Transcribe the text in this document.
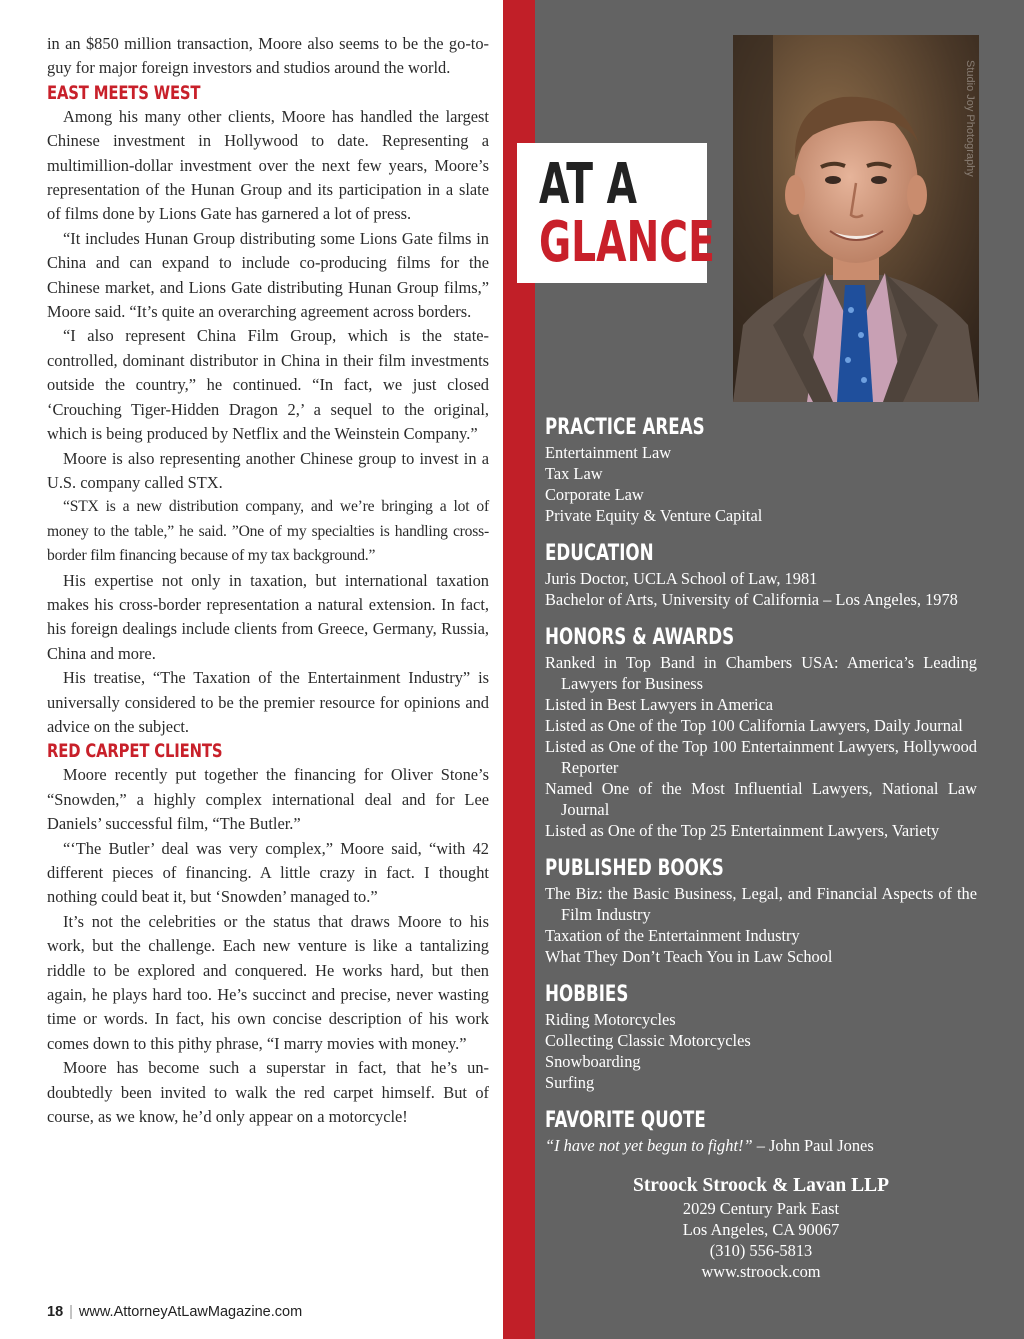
in an $850 million transaction, Moore also seems to be the go-to-guy for major foreign investors and studios around the world.

EAST MEETS WEST

Among his many other clients, Moore has handled the largest Chinese investment in Hollywood to date. Representing a multimillion-dollar investment over the next few years, Moore’s representation of the Hunan Group and its participation in a slate of films done by Lions Gate has garnered a lot of press.

“It includes Hunan Group distributing some Lions Gate films in China and can expand to include co-producing films for the Chinese market, and Lions Gate distributing Hunan Group films,” Moore said. “It’s quite an overarching agreement across borders.

“I also represent China Film Group, which is the state-controlled, dominant distributor in China in their film investments outside the country,” he continued. “In fact, we just closed ‘Crouching Tiger-Hidden Dragon 2,’ a sequel to the original, which is being produced by Netflix and the Weinstein Company.”

Moore is also representing another Chinese group to invest in a U.S. company called STX.

“STX is a new distribution company, and we’re bringing a lot of money to the table,” he said. ”One of my specialties is handling cross-border film financing because of my tax background.”

His expertise not only in taxation, but international taxation makes his cross-border representation a natural extension. In fact, his foreign dealings include clients from Greece, Germany, Russia, China and more.

His treatise, “The Taxation of the Entertainment Industry” is universally considered to be the premier resource for opinions and advice on the subject.

RED CARPET CLIENTS

Moore recently put together the financing for Oliver Stone’s “Snowden,” a highly complex international deal and for Lee Daniels’ successful film, “The Butler.”

“‘The Butler’ deal was very complex,” Moore said, “with 42 different pieces of financing. A little crazy in fact. I thought nothing could beat it, but ‘Snowden’ managed to.”

It’s not the celebrities or the status that draws Moore to his work, but the challenge. Each new venture is like a tantalizing riddle to be explored and conquered. He works hard, but then again, he plays hard too. He’s succinct and precise, never wasting time or words. In fact, his own concise description of his work comes down to this pithy phrase, “I marry movies with money.”

Moore has become such a superstar in fact, that he’s undoubtedly been invited to walk the red carpet himself. But of course, as we know, he’d only appear on a motorcycle!

18 | www.AttorneyAtLawMagazine.com
Studio Joy Photography
AT A
GLANCE
PRACTICE AREAS
Entertainment Law
Tax Law
Corporate Law
Private Equity & Venture Capital
EDUCATION
Juris Doctor, UCLA School of Law, 1981
Bachelor of Arts, University of California – Los Angeles, 1978
HONORS & AWARDS
Ranked in Top Band in Chambers USA: America’s Leading Lawyers for Business
Listed in Best Lawyers in America
Listed as One of the Top 100 California Lawyers, Daily Journal
Listed as One of the Top 100 Entertainment Lawyers, Hollywood Reporter
Named One of the Most Influential Lawyers, National Law Journal
Listed as One of the Top 25 Entertainment Lawyers, Variety
PUBLISHED BOOKS
The Biz: the Basic Business, Legal, and Financial Aspects of the Film Industry
Taxation of the Entertainment Industry
What They Don’t Teach You in Law School
HOBBIES
Riding Motorcycles
Collecting Classic Motorcycles
Snowboarding
Surfing
FAVORITE QUOTE
“I have not yet begun to fight!” – John Paul Jones
Stroock Stroock & Lavan LLP
2029 Century Park East
Los Angeles, CA 90067
(310) 556-5813
www.stroock.com
